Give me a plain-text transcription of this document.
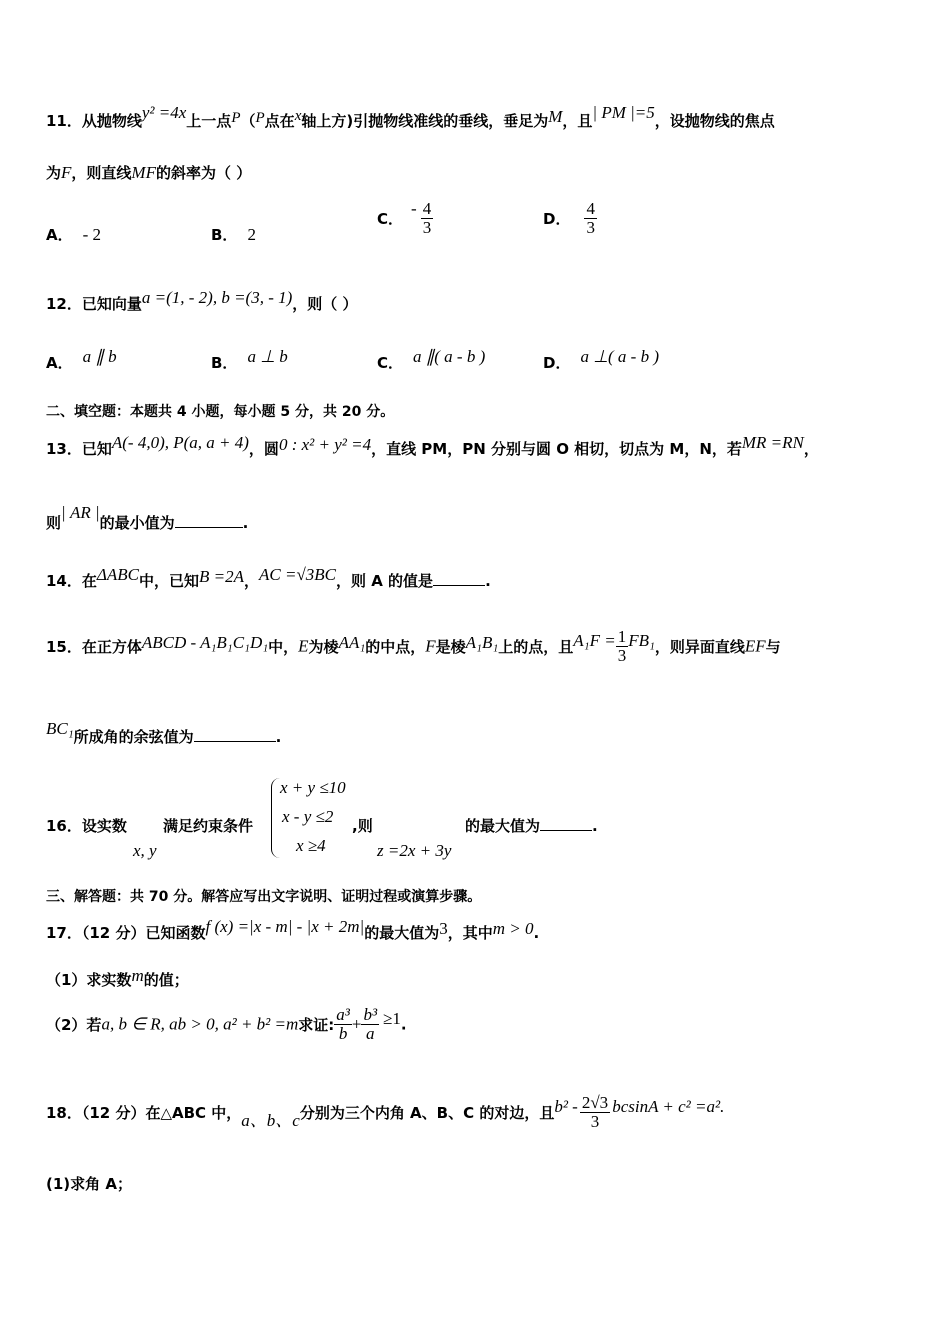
11．从抛物线y² =4x上一点P（P点在x轴上方)引抛物线准线的垂线，垂足为M，且| PM |=5，设抛物线的焦点
为F，则直线MF的斜率为（ ）
A． - 2	B． 2
C．- $\frac{4}{3}$	D． $\frac{4}{3}$
12．已知向量a =(1, - 2), b =(3, - 1)，则（ ）
A． a ∥ b	B． a ⊥ b	C． a ∥( a - b )	D． a ⊥( a - b )
二、填空题：本题共 4 小题，每小题 5 分，共 20 分。
13．已知A(- 4,0), P(a, a + 4)，圆0 : x² + y² =4，直线 PM，PN 分别与圆 O 相切，切点为 M，N，若MR =RN，
则| AR |的最小值为	.
14．在ΔABC中，已知B =2A，AC =√3BC，则 A 的值是	.
15．在正方体ABCD - A₁B₁C₁D₁中，E为棱AA₁的中点，F是棱A₁B₁上的点，且$A_1F = \frac{1}{3} FB_1$，则异面直线EF与
BC₁所成角的余弦值为	.
16．设实数
x, y
满足约束条件
x + y ≤10
x - y ≤2
x ≥4
,则
z =2x + 3y
的最大值为	.
三、解答题：共 70 分。解答应写出文字说明、证明过程或演算步骤。
17．（12 分）已知函数f (x) =|x - m| - |x + 2m|的最大值为3，其中m > 0.
（1）求实数m的值；
（2）若a, b ∈ R, ab > 0, a² + b² =m求证: $\frac{\text{a³}}{b} + \frac{\text{b³}}{a} \ge 1$.
18．（12 分）在△ABC 中，a、b、c分别为三个内角 A、B、C 的对边，且$b^2 - \frac{2√3}{3}$ bcsinA + c² =a².
(1)求角 A；
